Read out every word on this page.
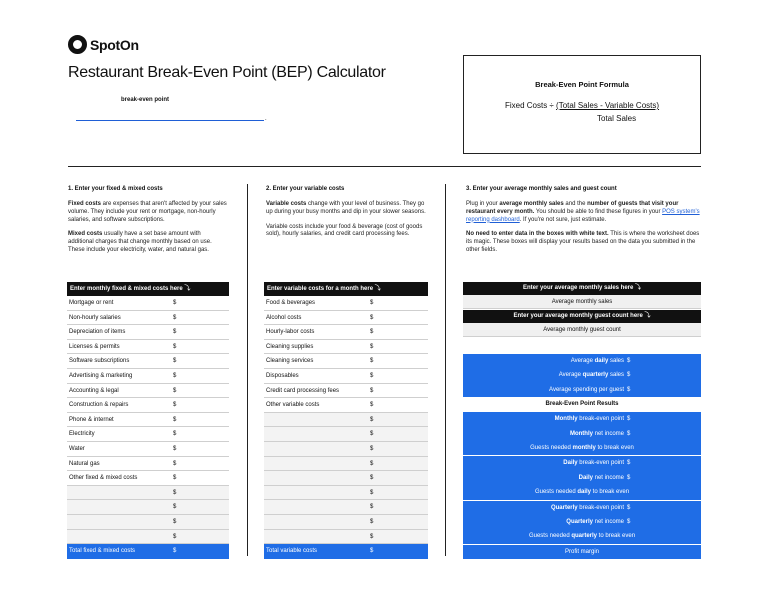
SpotOn
Restaurant Break-Even Point (BEP) Calculator
break-even point
.
Break-Even Point Formula
Fixed Costs ÷ (Total Sales - Variable Costs)
Total Sales
1. Enter your fixed & mixed costs

Fixed costs are expenses that aren't affected by your sales volume. They include your rent or mortgage, non-hourly salaries, and software subscriptions.

Mixed costs usually have a set base amount with additional charges that change monthly based on use. These include your electricity, water, and natural gas.

Enter monthly fixed & mixed costs here ⤵
Mortgage or rent	$
Non-hourly salaries	$
Depreciation of items	$
Licenses & permits	$
Software subscriptions	$
Advertising & marketing	$
Accounting & legal	$
Construction & repairs	$
Phone & internet	$
Electricity	$
Water	$
Natural gas	$
Other fixed & mixed costs	$
$
$
$
$
Total fixed & mixed costs	$
2. Enter your variable costs

Variable costs change with your level of business. They go up during your busy months and dip in your slower seasons.

Variable costs include your food & beverage (cost of goods sold), hourly salaries, and credit card processing fees.

Enter variable costs for a month here ⤵
Food & beverages	$
Alcohol costs	$
Hourly-labor costs	$
Cleaning supplies	$
Cleaning services	$
Disposables	$
Credit card processing fees	$
Other variable costs	$
$
$
$
$
$
$
$
$
$
Total variable costs	$
3. Enter your average monthly sales and guest count

Plug in your average monthly sales and the number of guests that visit your restaurant every month. You should be able to find these figures in your POS system's reporting dashboard. If you're not sure, just estimate.

No need to enter data in the boxes with white text. This is where the worksheet does its magic. These boxes will display your results based on the data you submitted in the other fields.

Enter your average monthly sales here ⤵
Average monthly sales
Enter your average monthly guest count here ⤵
Average monthly guest count
Average daily sales $
Average quarterly sales $
Average spending per guest $
Break-Even Point Results
Monthly break-even point $
Monthly net income $
Guests needed monthly to break even
Daily break-even point $
Daily net income $
Guests needed daily to break even
Quarterly break-even point $
Quarterly net income $
Guests needed quarterly to break even
Profit margin
